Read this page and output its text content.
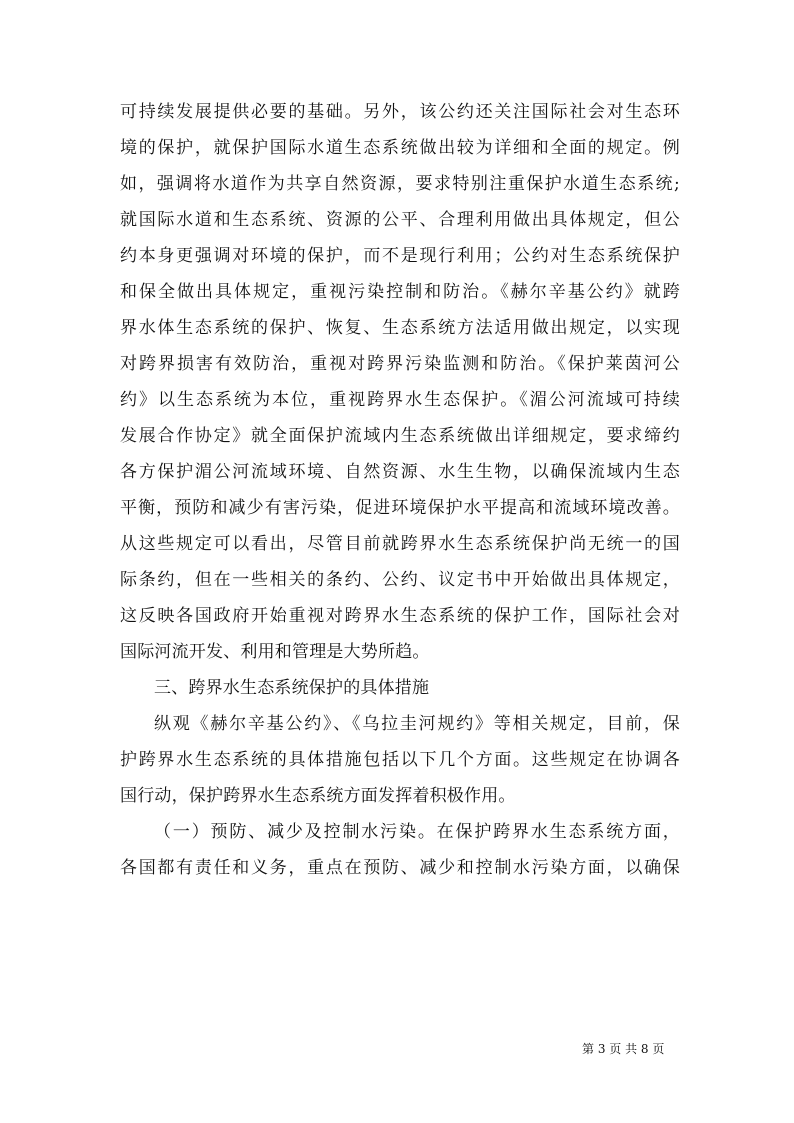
可持续发展提供必要的基础。另外，该公约还关注国际社会对生态环
境的保护，就保护国际水道生态系统做出较为详细和全面的规定。例
如，强调将水道作为共享自然资源，要求特别注重保护水道生态系统;
就国际水道和生态系统、资源的公平、合理利用做出具体规定，但公
约本身更强调对环境的保护，而不是现行利用；公约对生态系统保护
和保全做出具体规定，重视污染控制和防治。《赫尔辛基公约》就跨
界水体生态系统的保护、恢复、生态系统方法适用做出规定，以实现
对跨界损害有效防治，重视对跨界污染监测和防治。《保护莱茵河公
约》以生态系统为本位，重视跨界水生态保护。《湄公河流域可持续
发展合作协定》就全面保护流域内生态系统做出详细规定，要求缔约
各方保护湄公河流域环境、自然资源、水生生物，以确保流域内生态
平衡，预防和减少有害污染，促进环境保护水平提高和流域环境改善。
从这些规定可以看出，尽管目前就跨界水生态系统保护尚无统一的国
际条约，但在一些相关的条约、公约、议定书中开始做出具体规定，
这反映各国政府开始重视对跨界水生态系统的保护工作，国际社会对
国际河流开发、利用和管理是大势所趋。
三、跨界水生态系统保护的具体措施
纵观《赫尔辛基公约》、《乌拉圭河规约》等相关规定，目前，保
护跨界水生态系统的具体措施包括以下几个方面。这些规定在协调各
国行动，保护跨界水生态系统方面发挥着积极作用。
（一）预防、减少及控制水污染。在保护跨界水生态系统方面，
各国都有责任和义务，重点在预防、减少和控制水污染方面，以确保
第 3 页 共 8 页
